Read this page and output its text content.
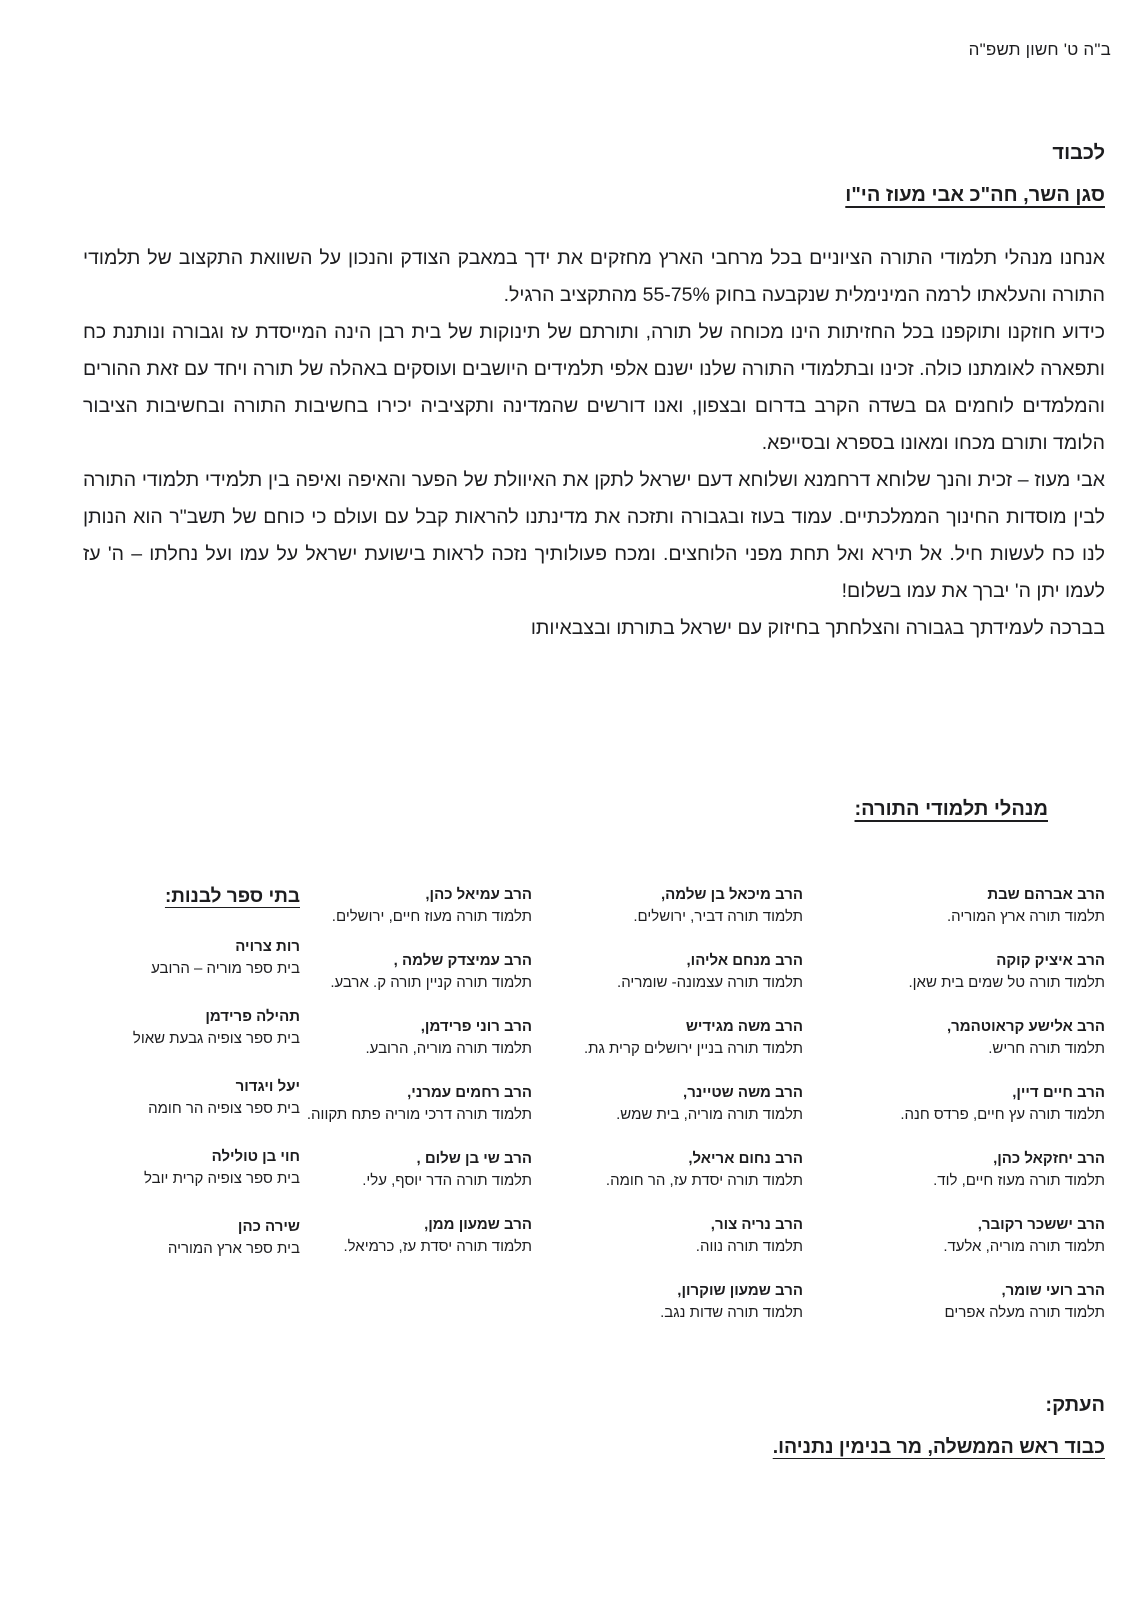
ב"ה ט' חשון תשפ"ה
לכבוד
סגן השר, חה"כ אבי מעוז הי"ו

אנחנו מנהלי תלמודי התורה הציוניים בכל מרחבי הארץ מחזקים את ידך במאבק הצודק והנכון על השוואת התקצוב של תלמודי התורה והעלאתו לרמה המינימלית שנקבעה בחוק 55-75% מהתקציב הרגיל.

כידוע חוזקנו ותוקפנו בכל החזיתות הינו מכוחה של תורה, ותורתם של תינוקות של בית רבן הינה המייסדת עז וגבורה ונותנת כח ותפארה לאומתנו כולה. זכינו ובתלמודי התורה שלנו ישנם אלפי תלמידים היושבים ועוסקים באהלה של תורה ויחד עם זאת ההורים והמלמדים לוחמים גם בשדה הקרב בדרום ובצפון, ואנו דורשים שהמדינה ותקציביה יכירו בחשיבות התורה ובחשיבות הציבור הלומד ותורם מכחו ומאונו בספרא ובסייפא.

אבי מעוז – זכית והנך שלוחא דרחמנא ושלוחא דעם ישראל לתקן את האיוולת של הפער והאיפה ואיפה בין תלמידי תלמודי התורה לבין מוסדות החינוך הממלכתיים. עמוד בעוז ובגבורה ותזכה את מדינתנו להראות קבל עם ועולם כי כוחם של תשב"ר הוא הנותן לנו כח לעשות חיל. אל תירא ואל תחת מפני הלוחצים. ומכח פעולותיך נזכה לראות בישועת ישראל על עמו ועל נחלתו – ה' עז לעמו יתן ה' יברך את עמו בשלום!

בברכה לעמידתך בגבורה והצלחתך בחיזוק עם ישראל בתורתו ובצבאיותו

מנהלי תלמודי התורה:
הרב אברהם שבת
תלמוד תורה ארץ המוריה.
הרב איציק קוקה
תלמוד תורה טל שמים בית שאן.
הרב אלישע קראוטהמר,
תלמוד תורה חריש.
הרב חיים דיין,
תלמוד תורה עץ חיים, פרדס חנה.
הרב יחזקאל כהן,
תלמוד תורה מעוז חיים, לוד.
הרב יששכר רקובר,
תלמוד תורה מוריה, אלעד.
הרב רועי שומר,
תלמוד תורה מעלה אפרים
הרב מיכאל בן שלמה,
תלמוד תורה דביר, ירושלים.
הרב מנחם אליהו,
תלמוד תורה עצמונה- שומריה.
הרב משה מגידיש
תלמוד תורה בניין ירושלים קרית גת.
הרב משה שטיינר,
תלמוד תורה מוריה, בית שמש.
הרב נחום אריאל,
תלמוד תורה יסדת עז, הר חומה.
הרב נריה צור,
תלמוד תורה נווה.
הרב שמעון שוקרון,
תלמוד תורה שדות נגב.
הרב עמיאל כהן,
תלמוד תורה מעוז חיים, ירושלים.
הרב עמיצדק שלמה ,
תלמוד תורה קניין תורה ק. ארבע.
הרב רוני פרידמן,
תלמוד תורה מוריה, הרובע.
הרב רחמים עמרני,
תלמוד תורה דרכי מוריה פתח תקווה.
הרב שי בן שלום ,
תלמוד תורה הדר יוסף, עלי.
הרב שמעון ממן,
תלמוד תורה יסדת עז, כרמיאל.
בתי ספר לבנות:
רות צרויה
בית ספר מוריה – הרובע
תהילה פרידמן
בית ספר צופיה גבעת שאול
יעל ויגדור
בית ספר צופיה הר חומה
חוי בן טולילה
בית ספר צופיה קרית יובל
שירה כהן
בית ספר ארץ המוריה
העתק:
כבוד ראש הממשלה, מר בנימין נתניהו.
